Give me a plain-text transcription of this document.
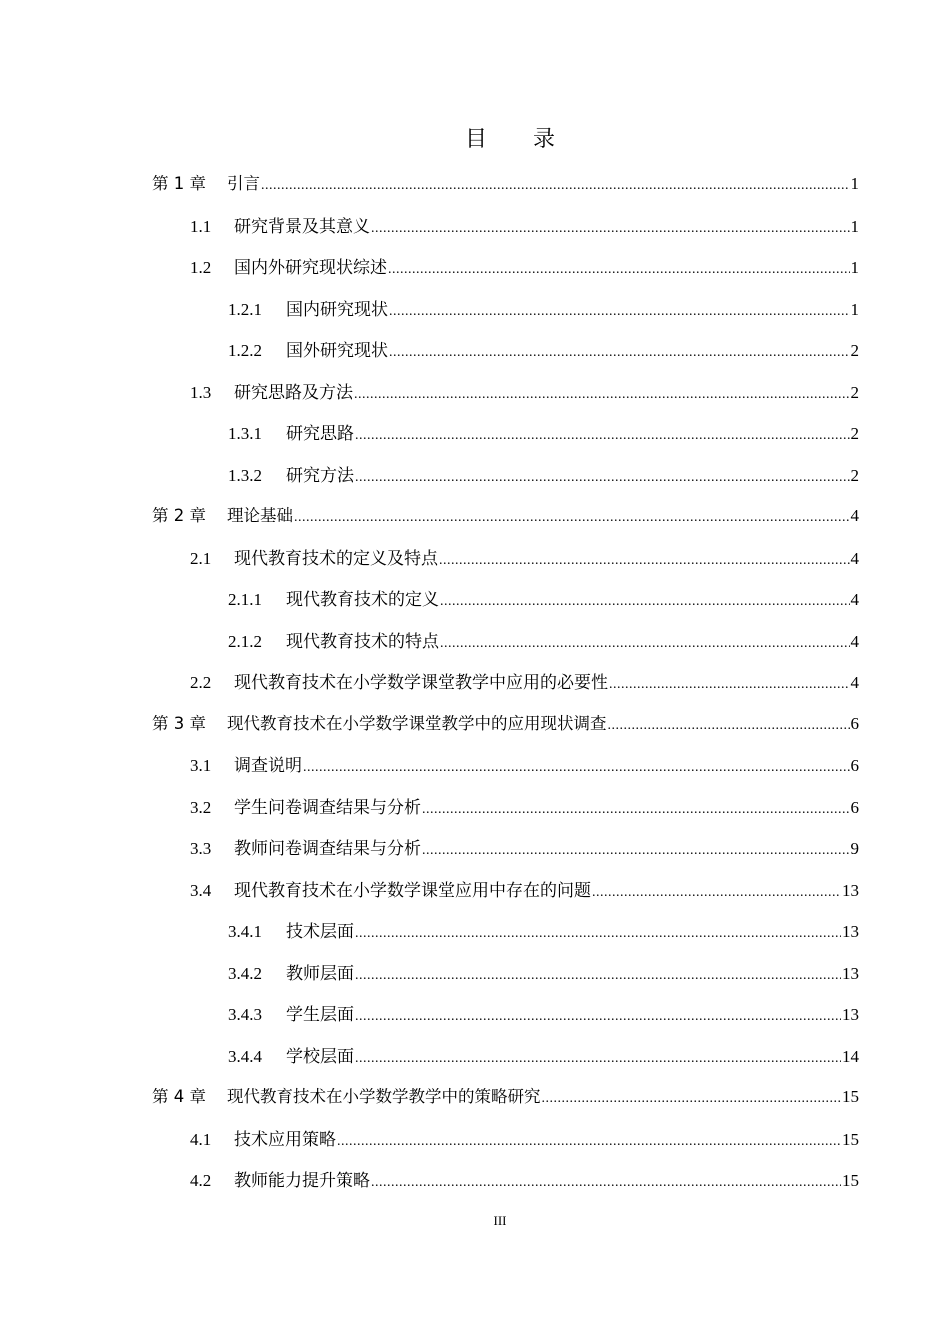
目 录
第 1 章	引言 .....	1
1.1	研究背景及其意义 .....	1
1.2	国内外研究现状综述 .....	1
1.2.1	国内研究现状 .....	1
1.2.2	国外研究现状 .....	2
1.3	研究思路及方法 .....	2
1.3.1	研究思路 .....	2
1.3.2	研究方法 .....	2
第 2 章	理论基础 .....	4
2.1	现代教育技术的定义及特点 .....	4
2.1.1	现代教育技术的定义 .....	4
2.1.2	现代教育技术的特点 .....	4
2.2	现代教育技术在小学数学课堂教学中应用的必要性 .....	4
第 3 章	现代教育技术在小学数学课堂教学中的应用现状调查 .....	6
3.1	调查说明 .....	6
3.2	学生问卷调查结果与分析 .....	6
3.3	教师问卷调查结果与分析 .....	9
3.4	现代教育技术在小学数学课堂应用中存在的问题 .....	13
3.4.1	技术层面 .....	13
3.4.2	教师层面 .....	13
3.4.3	学生层面 .....	13
3.4.4	学校层面 .....	14
第 4 章	现代教育技术在小学数学教学中的策略研究 .....	15
4.1	技术应用策略 .....	15
4.2	教师能力提升策略 .....	15
III
